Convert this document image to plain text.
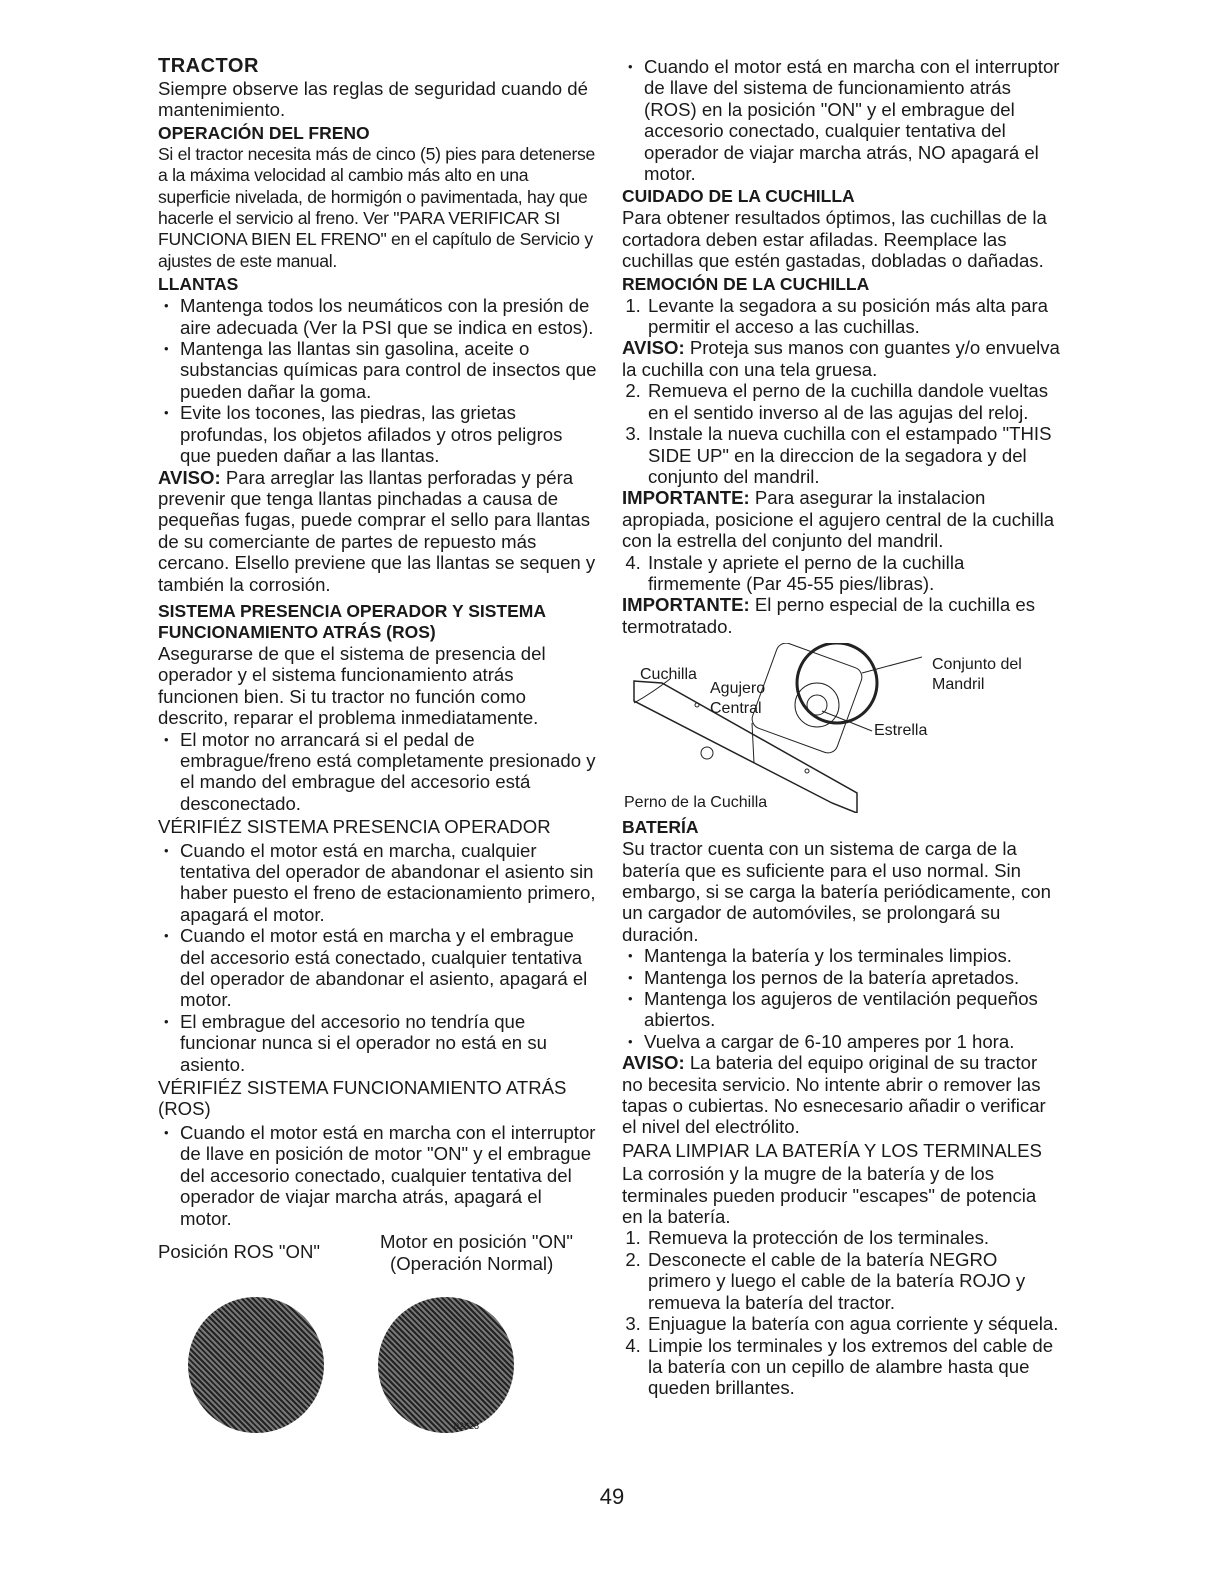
TRACTOR

Siempre observe las reglas de seguridad cuando dé mantenimiento.

OPERACIÓN DEL FRENO

Si el tractor necesita más de cinco (5) pies para detenerse a la máxima velocidad al cambio más alto en una superficie nivelada, de hormigón o pavimentada, hay que hacerle el servicio al freno. Ver "PARA VERIFICAR SI FUNCIONA BIEN EL FRENO" en el capítulo de Servicio y ajustes de este manual.

LLANTAS
• Mantenga todos los neumáticos con la presión de aire adecuada (Ver la PSI que se indica en estos).
• Mantenga las llantas sin gasolina, aceite o substancias químicas para control de insectos que pueden dañar la goma.
• Evite los tocones, las piedras, las grietas profundas, los objetos afilados y otros peligros que pueden dañar a las llantas.

AVISO: Para arreglar las llantas perforadas y péra prevenir que tenga llantas pinchadas a causa de pequeñas fugas, puede comprar el sello para llantas de su comerciante de partes de repuesto más cercano. Elsello previene que las llantas se sequen y también la corrosión.

SISTEMA PRESENCIA OPERADOR Y SISTEMA FUNCIONAMIENTO ATRÁS (ROS)

Asegurarse de que el sistema de presencia del operador y el sistema funcionamiento atrás funcionen bien. Si tu tractor no función como descrito, reparar el problema inmediatamente.

• El motor no arrancará si el pedal de embrague/freno está completamente presionado y el mando del embrague del accesorio está desconectado.

VÉRIFIÉZ SISTEMA PRESENCIA OPERADOR

• Cuando el motor está en marcha, cualquier tentativa del operador de abandonar el asiento sin haber puesto el freno de estacionamiento primero, apagará el motor.
• Cuando el motor está en marcha y el embrague del accesorio está conectado, cualquier tentativa del operador de abandonar el asiento, apagará el motor.
• El embrague del accesorio no tendría que funcionar nunca si el operador no está en su asiento.

VÉRIFIÉZ SISTEMA FUNCIONAMIENTO ATRÁS (ROS)

• Cuando el motor está en marcha con el interruptor de llave en posición de motor "ON" y el embrague del accesorio conectado, cualquier tentativa del operador de viajar marcha atrás, apagará el motor.
Posición ROS "ON"	Motor en posición "ON"
(Operación Normal)
02828
• Cuando el motor está en marcha con el interruptor de llave del sistema de funcionamiento atrás (ROS) en la posición "ON" y el embrague del accesorio conectado, cualquier tentativa del operador de viajar marcha atrás, NO apagará el motor.
CUIDADO DE LA CUCHILLA

Para obtener resultados óptimos, las cuchillas de la cortadora deben estar afiladas. Reemplace las cuchillas que estén gastadas, dobladas o dañadas.

REMOCIÓN DE LA CUCHILLA
1. Levante la segadora a su posición más alta para permitir el acceso a las cuchillas.

AVISO: Proteja sus manos con guantes y/o envuelva la cuchilla con una tela gruesa.

2. Remueva el perno de la cuchilla dandole vueltas en el sentido inverso al de las agujas del reloj.
3. Instale la nueva cuchilla con el estampado "THIS SIDE UP" en la direccion de la segadora y del conjunto del mandril.

IMPORTANTE: Para asegurar la instalacion apropiada, posicione el agujero central de la cuchilla con la estrella del conjunto del mandril.

4. Instale y apriete el perno de la cuchilla firmemente (Par 45-55 pies/libras).

IMPORTANTE: El perno especial de la cuchilla es termotratado.

Cuchilla
Agujero
Central
Conjunto del
Mandril
Estrella
Perno de la Cuchilla
BATERÍA

Su tractor cuenta con un sistema de carga de la batería que es suficiente para el uso normal. Sin embargo, si se carga la batería periódicamente, con un cargador de automóviles, se prolongará su duración.

• Mantenga la batería y los terminales limpios.
• Mantenga los pernos de la batería apretados.
• Mantenga los agujeros de ventilación pequeños abiertos.
• Vuelva a cargar de 6-10 amperes por 1 hora.

AVISO: La bateria del equipo original de su tractor no becesita servicio. No intente abrir o remover las tapas o cubiertas. No esnecesario añadir o verificar el nivel del electrólito.

PARA LIMPIAR LA BATERÍA Y LOS TERMINALES

La corrosión y la mugre de la batería y de los terminales pueden producir "escapes" de potencia en la batería.

1. Remueva la protección de los terminales.
2. Desconecte el cable de la batería NEGRO primero y luego el cable de la batería ROJO y remueva la batería del tractor.
3. Enjuague la batería con agua corriente y séquela.
4. Limpie los terminales y los extremos del cable de la batería con un cepillo de alambre hasta que queden brillantes.
49
